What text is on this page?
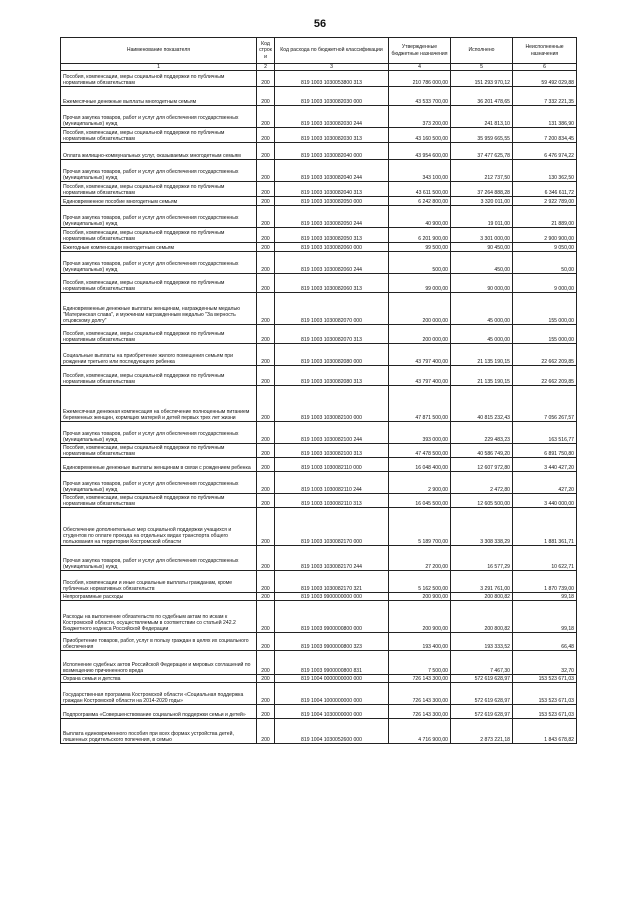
56
Наименование показателя	Код строк и	Код расхода по бюджетной классификации	Утвержденные бюджетные назначения	Исполнено	Неисполненные назначения
1	2	3	4	5	6
Пособия, компенсации, меры социальной поддержки по публичным нормативным обязательствам	200	819 1003 1030053800 313	210 786 000,00	151 293 970,12	59 492 029,88
Ежемесячные денежные выплаты многодетным семьям	200	819 1003 1030082030 000	43 533 700,00	36 201 478,65	7 332 221,35
Прочая закупка товаров, работ и услуг для обеспечения государственных (муниципальных) нужд	200	819 1003 1030082030 244	373 200,00	241 813,10	131 386,90
Пособия, компенсации, меры социальной поддержки по публичным нормативным обязательствам	200	819 1003 1030082030 313	43 160 500,00	35 959 665,55	7 200 834,45
Оплата жилищно-коммунальных услуг, оказываемых многодетным семьям	200	819 1003 1030082040 000	43 954 600,00	37 477 625,78	6 476 974,22
Прочая закупка товаров, работ и услуг для обеспечения государственных (муниципальных) нужд	200	819 1003 1030082040 244	343 100,00	212 737,50	130 362,50
Пособия, компенсации, меры социальной поддержки по публичным нормативным обязательствам	200	819 1003 1030082040 313	43 611 500,00	37 264 888,28	6 346 611,72
Единовременное пособие многодетным семьям	200	819 1003 1030082050 000	6 242 800,00	3 320 011,00	2 922 789,00
Прочая закупка товаров, работ и услуг для обеспечения государственных (муниципальных) нужд	200	819 1003 1030082050 244	40 900,00	19 011,00	21 889,00
Пособия, компенсации, меры социальной поддержки по публичным нормативным обязательствам	200	819 1003 1030082050 313	6 201 900,00	3 301 000,00	2 900 900,00
Ежегодные компенсации многодетным семьям	200	819 1003 1030082060 000	99 500,00	90 450,00	9 050,00
Прочая закупка товаров, работ и услуг для обеспечения государственных (муниципальных) нужд	200	819 1003 1030082060 244	500,00	450,00	50,00
Пособия, компенсации, меры социальной поддержки по публичным нормативным обязательствам	200	819 1003 1030082060 313	99 000,00	90 000,00	9 000,00
Единовременные денежные выплаты женщинам, награжденным медалью "Материнская слава", и мужчинам награжденным медалью "За верность отцовскому долгу"	200	819 1003 1030082070 000	200 000,00	45 000,00	155 000,00
Пособия, компенсации, меры социальной поддержки по публичным нормативным обязательствам	200	819 1003 1030082070 313	200 000,00	45 000,00	155 000,00
Социальные выплаты на приобретение жилого помещения семьям при рождении третьего или последующего ребенка	200	819 1003 1030082080 000	43 797 400,00	21 135 190,15	22 662 209,85
Пособия, компенсации, меры социальной поддержки по публичным нормативным обязательствам	200	819 1003 1030082080 313	43 797 400,00	21 135 190,15	22 662 209,85
Ежемесячная денежная компенсация на обеспечение полноценным питанием беременных женщин, кормящих матерей и детей первых трех лет жизни	200	819 1003 1030082100 000	47 871 500,00	40 815 232,43	7 056 267,57
Прочая закупка товаров, работ и услуг для обеспечения государственных (муниципальных) нужд	200	819 1003 1030082100 244	393 000,00	229 483,23	163 516,77
Пособия, компенсации, меры социальной поддержки по публичным нормативным обязательствам	200	819 1003 1030082100 313	47 478 500,00	40 586 749,20	6 891 750,80
Единовременные денежные выплаты женщинам в связи с рождением ребенка	200	819 1003 1030082110 000	16 048 400,00	12 607 972,80	3 440 427,20
Прочая закупка товаров, работ и услуг для обеспечения государственных (муниципальных) нужд	200	819 1003 1030082110 244	2 900,00	2 472,80	427,20
Пособия, компенсации, меры социальной поддержки по публичным нормативным обязательствам	200	819 1003 1030082110 313	16 045 500,00	12 605 500,00	3 440 000,00
Обеспечение дополнительных мер социальной поддержки учащихся и студентов по оплате проезда на отдельных видах транспорта общего пользования на территории Костромской области	200	819 1003 1030082170 000	5 189 700,00	3 308 338,29	1 881 361,71
Прочая закупка товаров, работ и услуг для обеспечения государственных (муниципальных) нужд	200	819 1003 1030082170 244	27 200,00	16 577,29	10 622,71
Пособия, компенсации и иные социальные выплаты гражданам, кроме публичных нормативных обязательств	200	819 1003 1030082170 321	5 162 500,00	3 291 761,00	1 870 739,00
Непрограммные расходы	200	819 1003 9900000000 000	200 900,00	200 800,82	99,18
Расходы на выполнение обязательств по судебным актам по искам к Костромской области, осуществляемым в соответствии со статьей 242.2 Бюджетного кодекса Российской Федерации	200	819 1003 9900000800 000	200 900,00	200 800,82	99,18
Приобретение товаров, работ, услуг в пользу граждан в целях их социального обеспечения	200	819 1003 9900000800 323	193 400,00	193 333,52	66,48
Исполнение судебных актов Российской Федерации и мировых соглашений по возмещению причиненного вреда	200	819 1003 9900000800 831	7 500,00	7 467,30	32,70
Охрана семьи и детства	200	819 1004 0000000000 000	726 143 300,00	572 619 628,97	153 523 671,03
Государственная программа Костромской области «Социальная поддержка граждан Костромской области на 2014-2020 годы»	200	819 1004 1000000000 000	726 143 300,00	572 619 628,97	153 523 671,03
Подпрограмма «Совершенствование социальной поддержки семьи и детей»	200	819 1004 1030000000 000	726 143 300,00	572 619 628,97	153 523 671,03
Выплата единовременного пособия при всех формах устройства детей, лишенных родительского попечения, в семью	200	819 1004 1030052600 000	4 716 900,00	2 873 221,18	1 843 678,82
